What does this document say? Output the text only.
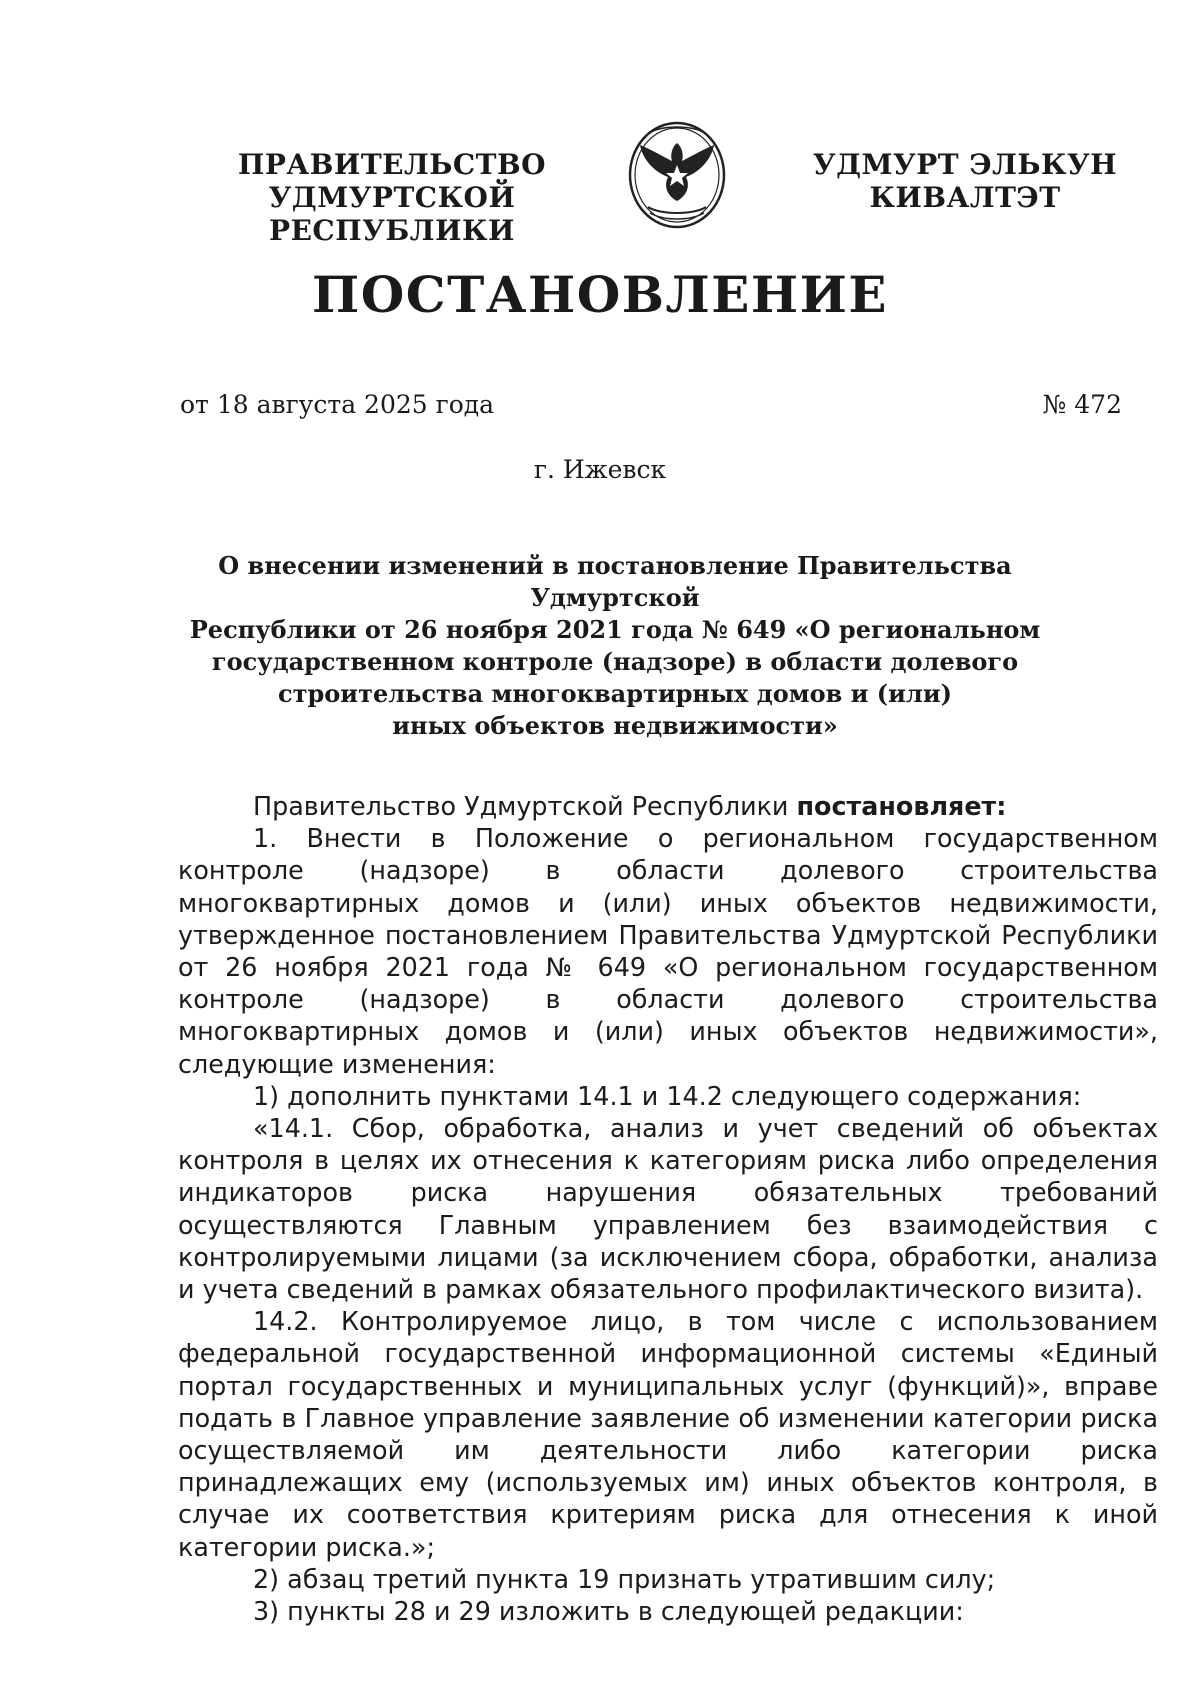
ПРАВИТЕЛЬСТВО
УДМУРТСКОЙ РЕСПУБЛИКИ
УДМУРТ ЭЛЬКУН
КИВАЛТЭТ
ПОСТАНОВЛЕНИЕ
от 18 августа 2025 года	№ 472
г. Ижевск
О внесении изменений в постановление Правительства Удмуртской
Республики от 26 ноября 2021 года № 649 «О региональном
государственном контроле (надзоре) в области долевого
строительства многоквартирных домов и (или)
иных объектов недвижимости»

Правительство Удмуртской Республики постановляет:

1. Внести в Положение о региональном государственном контроле (надзоре) в области долевого строительства многоквартирных домов и (или) иных объектов недвижимости, утвержденное постановлением Правительства Удмуртской Республики от 26 ноября 2021 года № 649 «О региональном государственном контроле (надзоре) в области долевого строительства многоквартирных домов и (или) иных объектов недвижимости», следующие изменения:

1) дополнить пунктами 14.1 и 14.2 следующего содержания:

«14.1. Сбор, обработка, анализ и учет сведений об объектах контроля в целях их отнесения к категориям риска либо определения индикаторов риска нарушения обязательных требований осуществляются Главным управлением без взаимодействия с контролируемыми лицами (за исключением сбора, обработки, анализа и учета сведений в рамках обязательного профилактического визита).

14.2. Контролируемое лицо, в том числе с использованием федеральной государственной информационной системы «Единый портал государственных и муниципальных услуг (функций)», вправе подать в Главное управление заявление об изменении категории риска осуществляемой им деятельности либо категории риска принадлежащих ему (используемых им) иных объектов контроля, в случае их соответствия критериям риска для отнесения к иной категории риска.»;

2) абзац третий пункта 19 признать утратившим силу;

3) пункты 28 и 29 изложить в следующей редакции:
